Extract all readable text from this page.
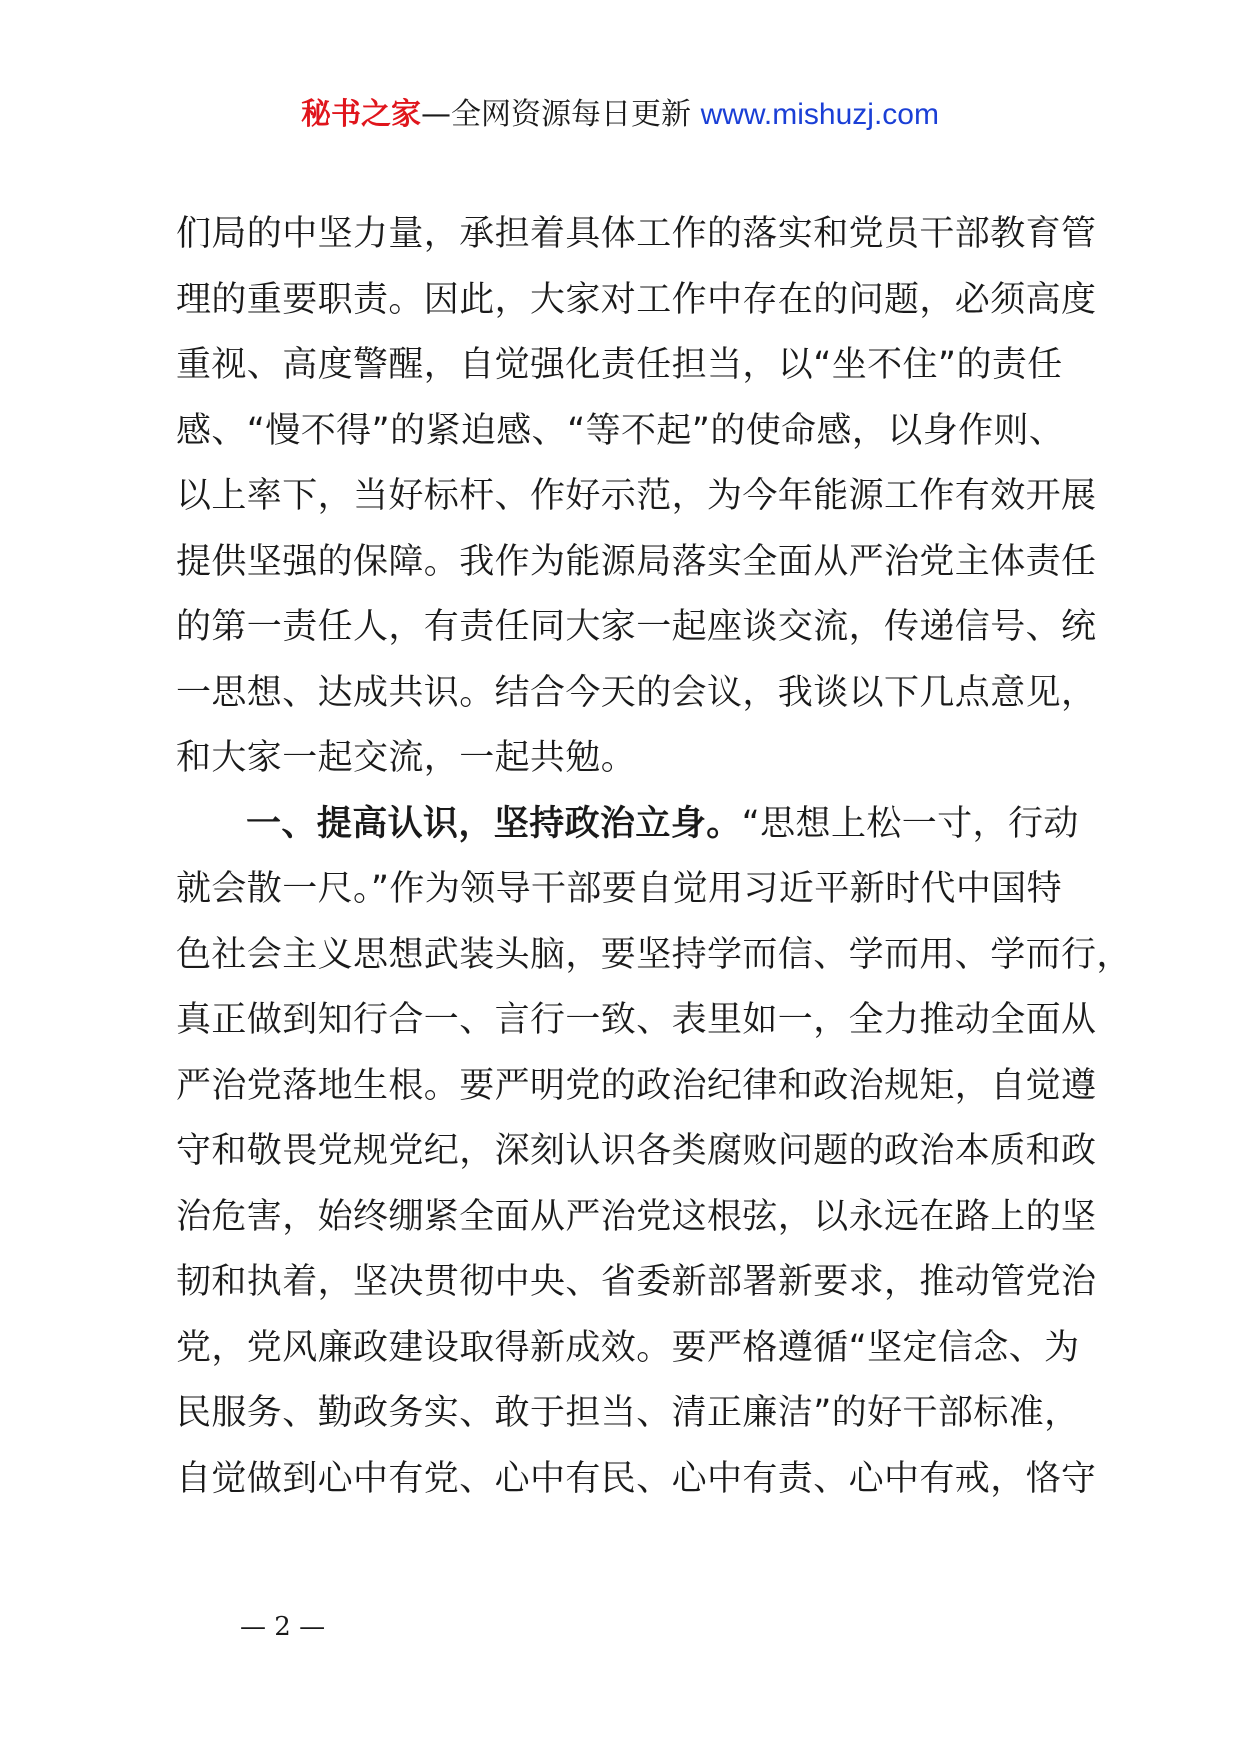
秘书之家—全网资源每日更新 www.mishuzj.com
们局的中坚力量，承担着具体工作的落实和党员干部教育管
理的重要职责。因此，大家对工作中存在的问题，必须高度
重视、高度警醒，自觉强化责任担当，以“坐不住”的责任
感、“慢不得”的紧迫感、“等不起”的使命感，以身作则、
以上率下，当好标杆、作好示范，为今年能源工作有效开展
提供坚强的保障。我作为能源局落实全面从严治党主体责任
的第一责任人，有责任同大家一起座谈交流，传递信号、统
一思想、达成共识。结合今天的会议，我谈以下几点意见，
和大家一起交流，一起共勉。
一、提高认识，坚持政治立身。“思想上松一寸，行动
就会散一尺。”作为领导干部要自觉用习近平新时代中国特
色社会主义思想武装头脑，要坚持学而信、学而用、学而行，
真正做到知行合一、言行一致、表里如一，全力推动全面从
严治党落地生根。要严明党的政治纪律和政治规矩，自觉遵
守和敬畏党规党纪，深刻认识各类腐败问题的政治本质和政
治危害，始终绷紧全面从严治党这根弦，以永远在路上的坚
韧和执着，坚决贯彻中央、省委新部署新要求，推动管党治
党，党风廉政建设取得新成效。要严格遵循“坚定信念、为
民服务、勤政务实、敢于担当、清正廉洁”的好干部标准，
自觉做到心中有党、心中有民、心中有责、心中有戒，恪守
— 2 —
